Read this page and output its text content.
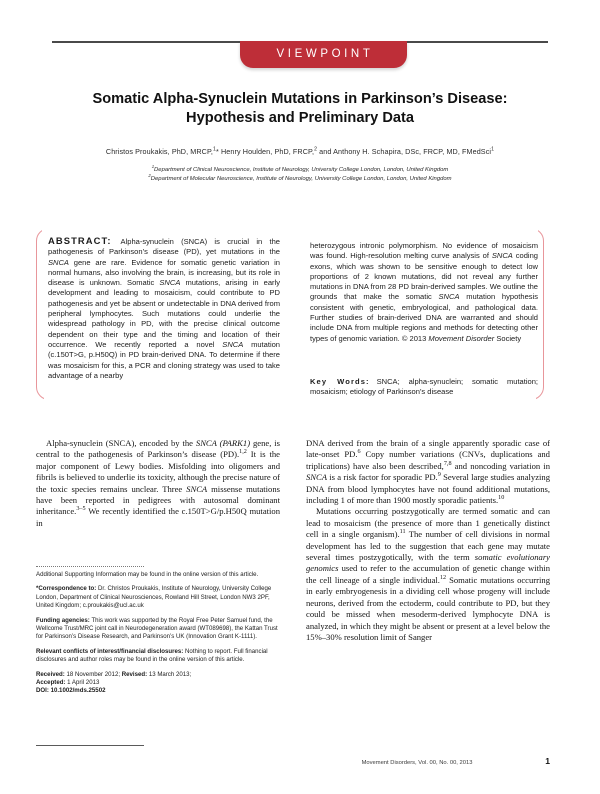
VIEWPOINT
Somatic Alpha-Synuclein Mutations in Parkinson’s Disease:
Hypothesis and Preliminary Data
Christos Proukakis, PhD, MRCP,$^1$* Henry Houlden, PhD, FRCP,$^2$ and Anthony H. Schapira, DSc, FRCP, MD, FMedSci$^1$
$^1$Department of Clinical Neuroscience, Institute of Neurology, University College London, London, United Kingdom
$^2$Department of Molecular Neuroscience, Institute of Neurology, University College London, London, United Kingdom
ABSTRACT: Alpha-synuclein (SNCA) is crucial in the pathogenesis of Parkinson’s disease (PD), yet mutations in the SNCA gene are rare. Evidence for somatic genetic variation in normal humans, also involving the brain, is increasing, but its role in disease is unknown. Somatic SNCA mutations, arising in early development and leading to mosaicism, could contribute to PD pathogenesis and yet be absent or undetectable in DNA derived from peripheral lymphocytes. Such mutations could underlie the widespread pathology in PD, with the precise clinical outcome dependent on their type and the timing and location of their occurrence. We recently reported a novel SNCA mutation (c.150T>G, p.H50Q) in PD brain-derived DNA. To determine if there was mosaicism for this, a PCR and cloning strategy was used to take advantage of a nearby
heterozygous intronic polymorphism. No evidence of mosaicism was found. High-resolution melting curve analysis of SNCA coding exons, which was shown to be sensitive enough to detect low proportions of 2 known mutations, did not reveal any further mutations in DNA from 28 PD brain-derived samples. We outline the grounds that make the somatic SNCA mutation hypothesis consistent with genetic, embryological, and pathological data. Further studies of brain-derived DNA are warranted and should include DNA from multiple regions and methods for detecting other types of genomic variation. © 2013 Movement Disorder Society
Key Words: SNCA; alpha-synuclein; somatic mutation; mosaicism; etiology of Parkinson’s disease

Alpha-synuclein (SNCA), encoded by the SNCA (PARK1) gene, is central to the pathogenesis of Parkinson’s disease (PD).$^{1,2}$ It is the major component of Lewy bodies. Misfolding into oligomers and fibrils is believed to underlie its toxicity, although the precise nature of the toxic species remains unclear. Three SNCA missense mutations have been reported in pedigrees with autosomal dominant inheritance.$^{3-5}$ We recently identified the c.150T>G/p.H50Q mutation in

DNA derived from the brain of a single apparently sporadic case of late-onset PD.$^6$ Copy number variations (CNVs, duplications and triplications) have also been described,$^{7,8}$ and noncoding variation in SNCA is a risk factor for sporadic PD.$^9$ Several large studies analyzing DNA from blood lymphocytes have not found additional mutations, including 1 of more than 1900 mostly sporadic patients.$^{10}$

Mutations occurring postzygotically are termed somatic and can lead to mosaicism (the presence of more than 1 genetically distinct cell in a single organism).$^{11}$ The number of cell divisions in normal development has led to the suggestion that each gene may mutate several times postzygotically, with the term somatic evolutionary genomics used to refer to the accumulation of genetic change within the cell lineage of a single individual.$^{12}$ Somatic mutations occurring in early embryogenesis in a dividing cell whose progeny will include neurons, derived from the ectoderm, could contribute to PD, but they could be missed when mesoderm-derived lymphocyte DNA is analyzed, in which they might be absent or present at a level below the 15%–30% resolution limit of Sanger

Additional Supporting Information may be found in the online version of this article.

*Correspondence to: Dr. Christos Proukakis, Institute of Neurology, University College London, Department of Clinical Neurosciences, Rowland Hill Street, London NW3 2PF, United Kingdom; c.proukakis@ucl.ac.uk

Funding agencies: This work was supported by the Royal Free Peter Samuel fund, the Wellcome Trust/MRC joint call in Neurodegeneration award (WT089698), the Kattan Trust for Parkinson’s Disease Research, and Parkinson’s UK (Innovation Grant K-1111).

Relevant conflicts of interest/financial disclosures: Nothing to report. Full financial disclosures and author roles may be found in the online version of this article.

Received: 18 November 2012; Revised: 13 March 2013;
Accepted: 1 April 2013

DOI: 10.1002/mds.25502

Movement Disorders, Vol. 00, No. 00, 2013	1
